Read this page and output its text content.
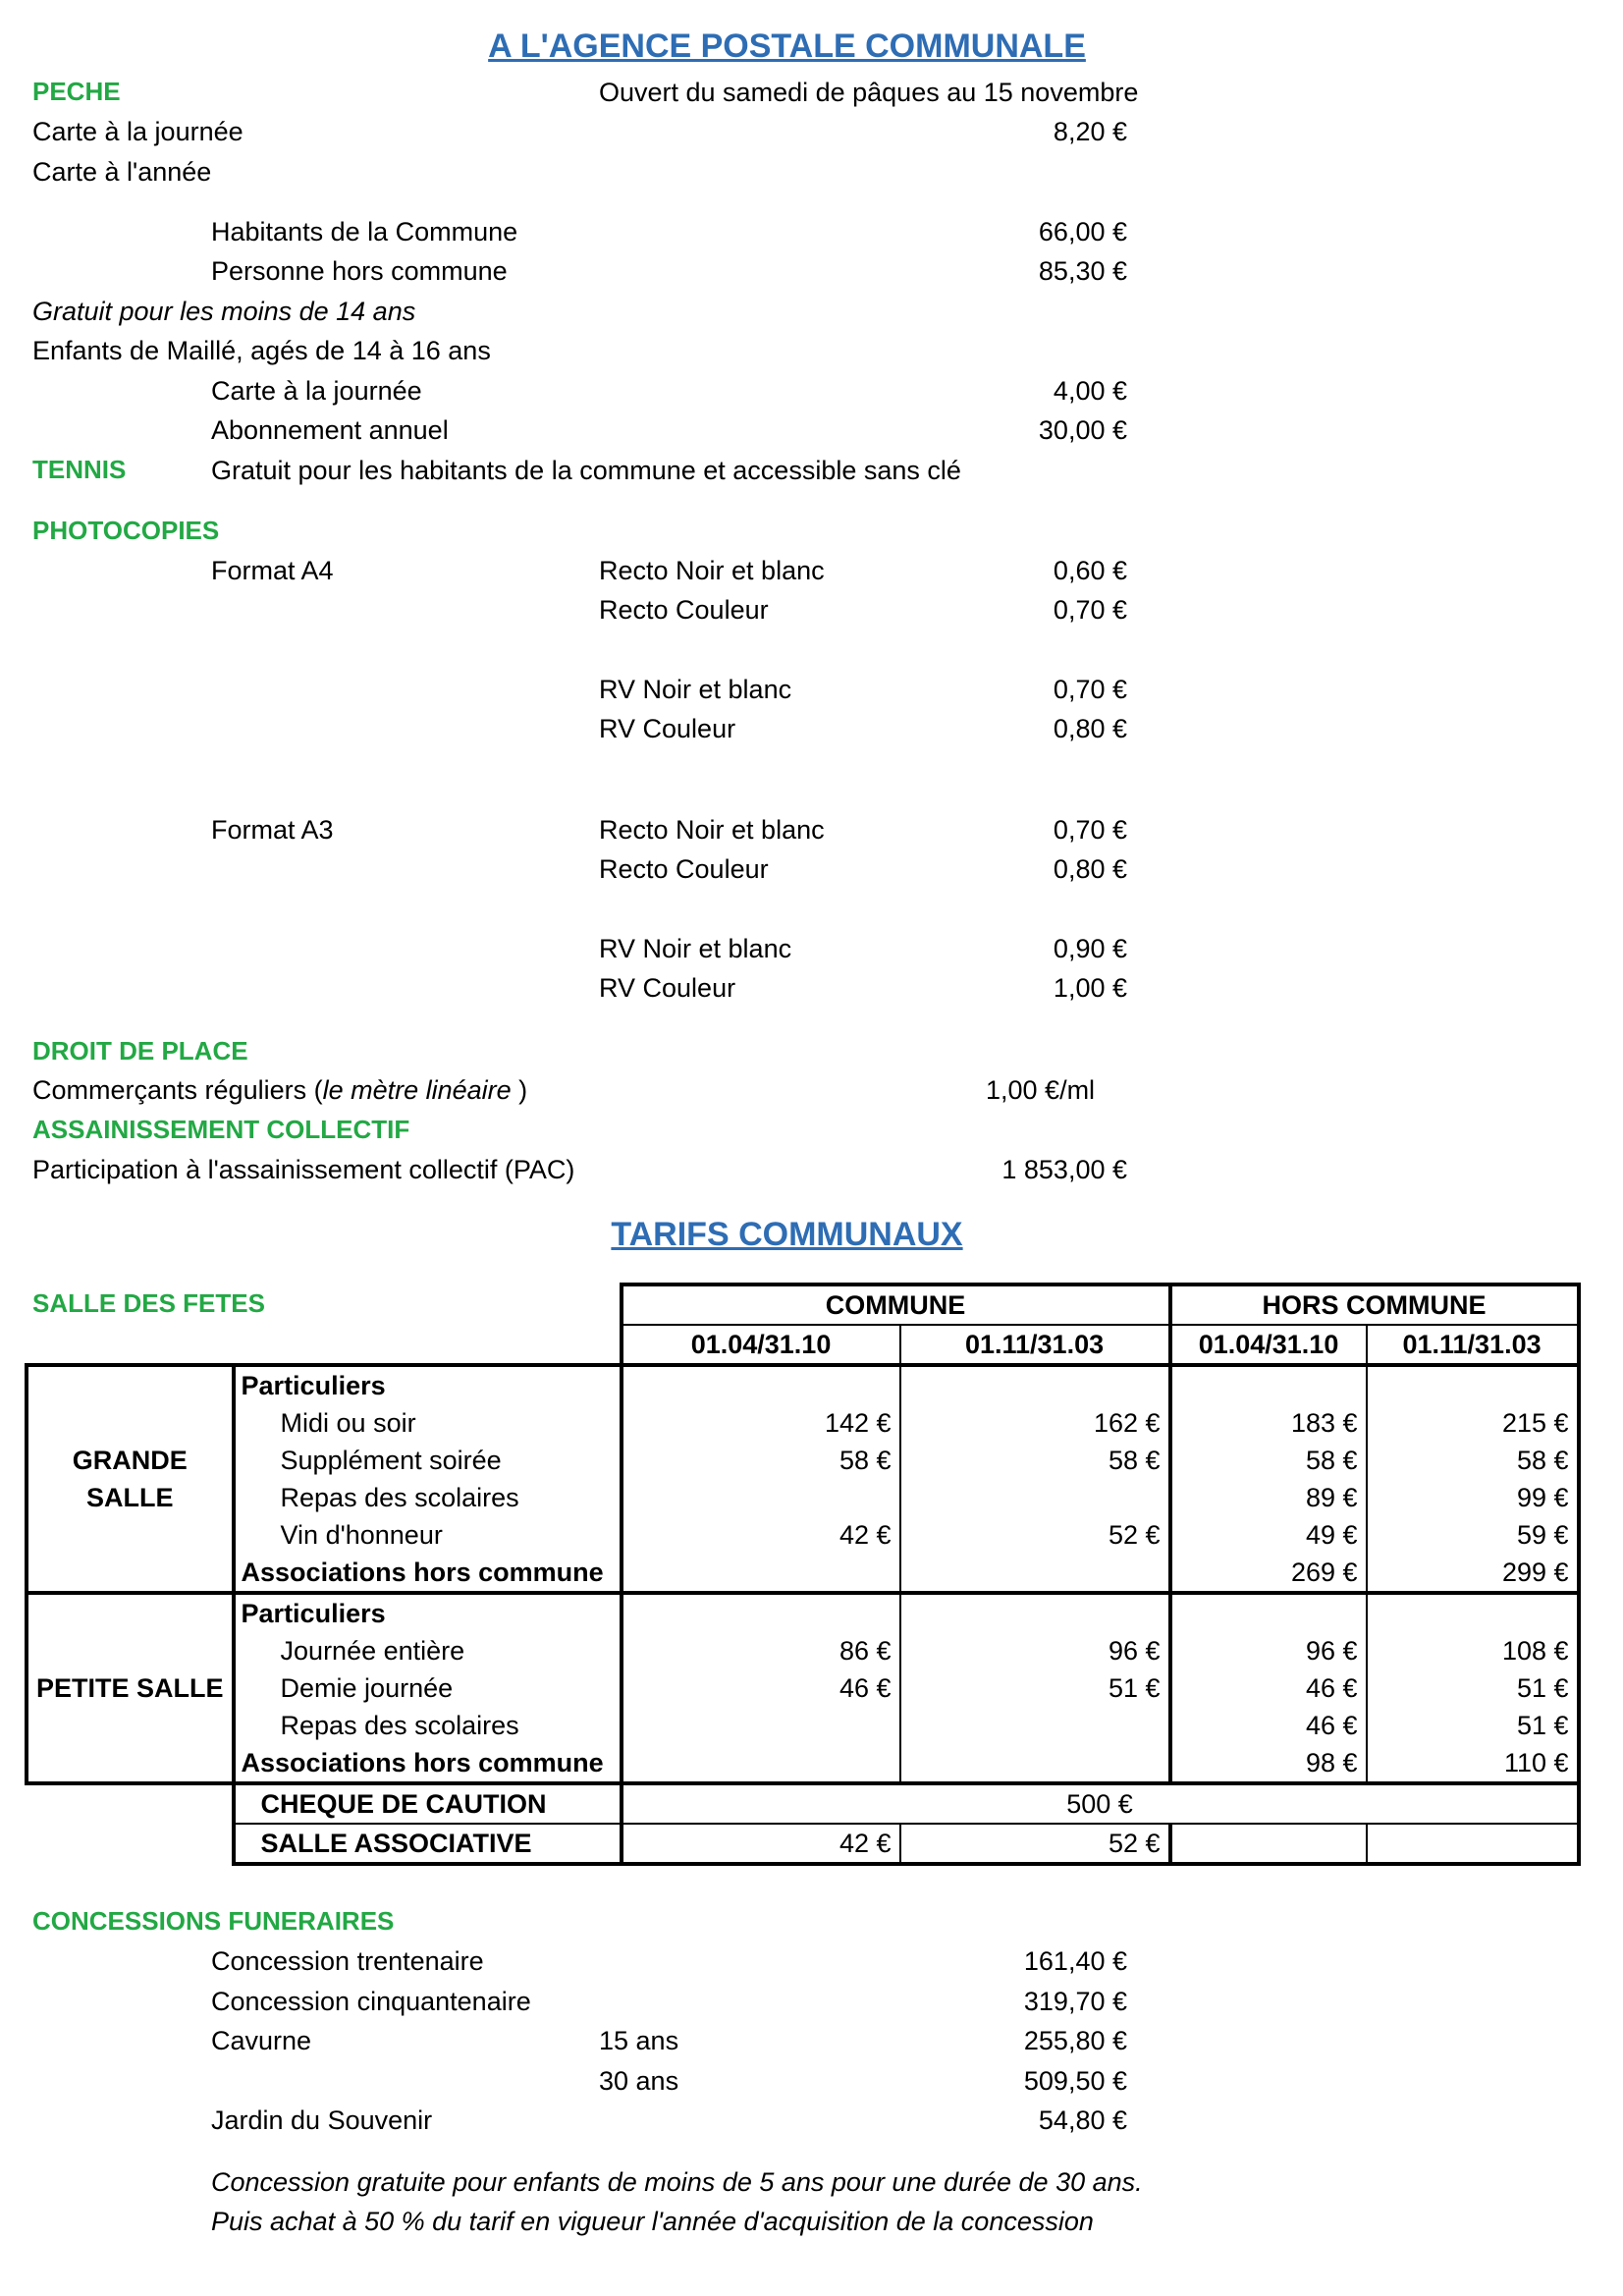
A L'AGENCE POSTALE COMMUNALE
PECHE	Ouvert du samedi de pâques au 15 novembre
Carte à la journée	8,20 €
Carte à l'année
Habitants de la Commune	66,00 €
Personne hors commune	85,30 €
Gratuit pour les moins de 14 ans
Enfants de Maillé, agés de 14 à 16 ans
Carte à la journée	4,00 €
Abonnement annuel	30,00 €
TENNIS	Gratuit pour les habitants de la commune et accessible sans clé
PHOTOCOPIES
Format A4	Recto Noir et blanc	0,60 €
Recto Couleur	0,70 €
RV Noir et blanc	0,70 €
RV Couleur	0,80 €
Format A3	Recto Noir et blanc	0,70 €
Recto Couleur	0,80 €
RV Noir et blanc	0,90 €
RV Couleur	1,00 €
DROIT DE PLACE
Commerçants réguliers (le mètre linéaire )	1,00 €/ml
ASSAINISSEMENT COLLECTIF
Participation à l'assainissement collectif (PAC)	1 853,00 €
TARIFS COMMUNAUX
SALLE DES FETES
			COMMUNE		HORS COMMUNE	
		01.04/31.10	01.11/31.03	01.04/31.10	01.11/31.03
GRANDE
SALLE	Particuliers				
	Midi ou soir	142 €	162 €	183 €	215 €
	Supplément soirée	58 €	58 €	58 €	58 €
	Repas des scolaires			89 €	99 €
	Vin d'honneur	42 €	52 €	49 €	59 €
	Associations hors commune			269 €	299 €
PETITE SALLE	Particuliers				
	Journée entière	86 €	96 €	96 €	108 €
	Demie journée	46 €	51 €	46 €	51 €
	Repas des scolaires			46 €	51 €
	Associations hors commune			98 €	110 €
	CHEQUE DE CAUTION	500 €			
	SALLE ASSOCIATIVE	42 €	52 €		
CONCESSIONS FUNERAIRES
Concession trentenaire	161,40 €
Concession cinquantenaire	319,70 €
Cavurne	15 ans	255,80 €
30 ans	509,50 €
Jardin du Souvenir	54,80 €
Concession gratuite pour enfants de moins de 5 ans pour une durée de 30 ans.
Puis achat à 50 % du tarif en vigueur l'année d'acquisition de la concession
